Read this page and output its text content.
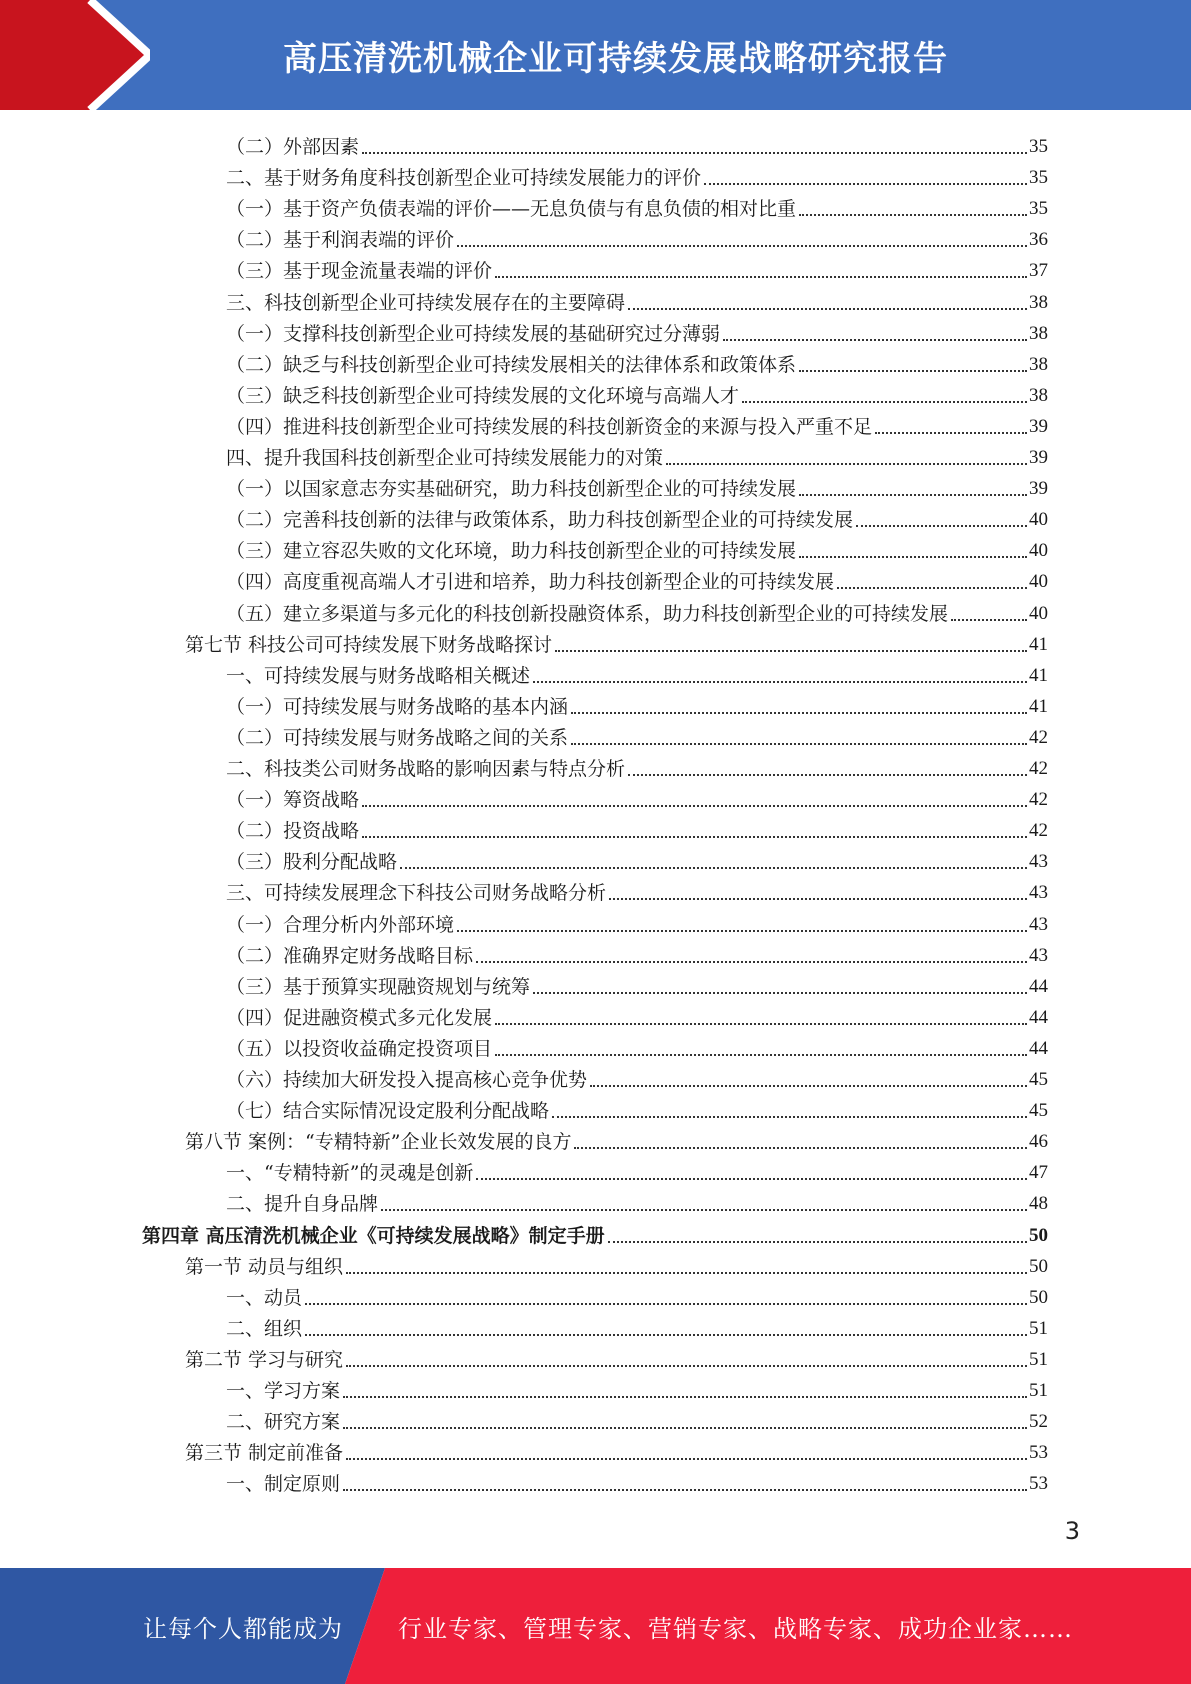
高压清洗机械企业可持续发展战略研究报告
（二）外部因素	35
二、基于财务角度科技创新型企业可持续发展能力的评价	35
（一）基于资产负债表端的评价——无息负债与有息负债的相对比重	35
（二）基于利润表端的评价	36
（三）基于现金流量表端的评价	37
三、科技创新型企业可持续发展存在的主要障碍	38
（一）支撑科技创新型企业可持续发展的基础研究过分薄弱	38
（二）缺乏与科技创新型企业可持续发展相关的法律体系和政策体系	38
（三）缺乏科技创新型企业可持续发展的文化环境与高端人才	38
（四）推进科技创新型企业可持续发展的科技创新资金的来源与投入严重不足	39
四、提升我国科技创新型企业可持续发展能力的对策	39
（一）以国家意志夯实基础研究，助力科技创新型企业的可持续发展	39
（二）完善科技创新的法律与政策体系，助力科技创新型企业的可持续发展	40
（三）建立容忍失败的文化环境，助力科技创新型企业的可持续发展	40
（四）高度重视高端人才引进和培养，助力科技创新型企业的可持续发展	40
（五）建立多渠道与多元化的科技创新投融资体系，助力科技创新型企业的可持续发展	40
第七节 科技公司可持续发展下财务战略探讨	41
一、可持续发展与财务战略相关概述	41
（一）可持续发展与财务战略的基本内涵	41
（二）可持续发展与财务战略之间的关系	42
二、科技类公司财务战略的影响因素与特点分析	42
（一）筹资战略	42
（二）投资战略	42
（三）股利分配战略	43
三、可持续发展理念下科技公司财务战略分析	43
（一）合理分析内外部环境	43
（二）准确界定财务战略目标	43
（三）基于预算实现融资规划与统筹	44
（四）促进融资模式多元化发展	44
（五）以投资收益确定投资项目	44
（六）持续加大研发投入提高核心竞争优势	45
（七）结合实际情况设定股利分配战略	45
第八节 案例：“专精特新”企业长效发展的良方	46
一、“专精特新”的灵魂是创新	47
二、提升自身品牌	48
第四章 高压清洗机械企业《可持续发展战略》制定手册	50
第一节 动员与组织	50
一、动员	50
二、组织	51
第二节 学习与研究	51
一、学习方案	51
二、研究方案	52
第三节 制定前准备	53
一、制定原则	53
3
让每个人都能成为 行业专家、管理专家、营销专家、战略专家、成功企业家……
